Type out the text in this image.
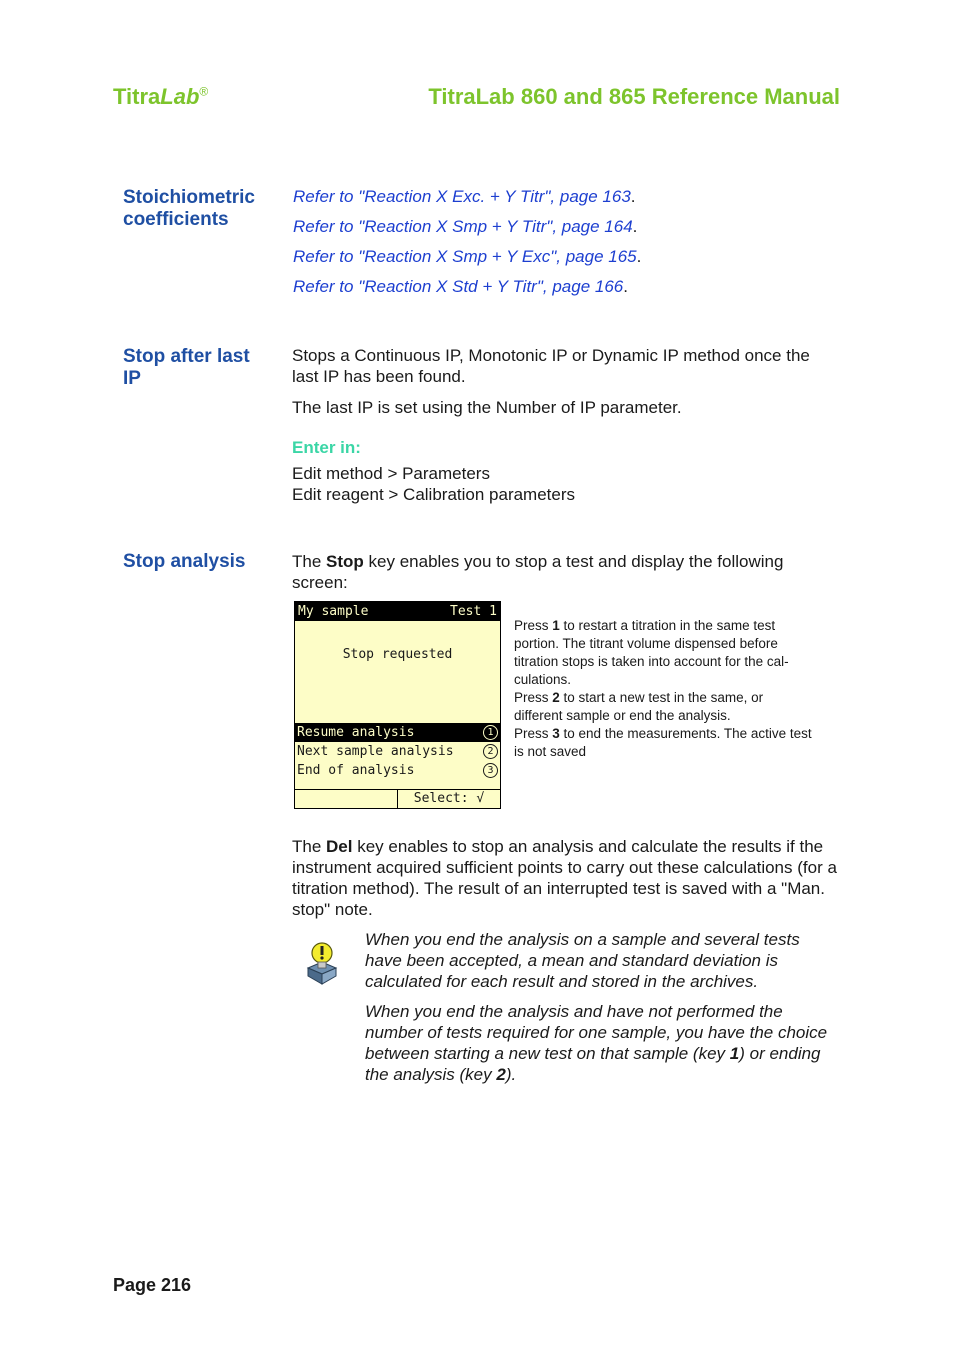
TitraLab®	TitraLab 860 and 865 Reference Manual
Stoichiometric coefficients
Refer to "Reaction X Exc. + Y Titr", page 163.
Refer to "Reaction X Smp + Y Titr", page 164.
Refer to "Reaction X Smp + Y Exc", page 165.
Refer to "Reaction X Std + Y Titr", page 166.
Stop after last IP
Stops a Continuous IP, Monotonic IP or Dynamic IP method once the last IP has been found.
The last IP is set using the Number of IP parameter.
Enter in:
Edit method > Parameters
Edit reagent > Calibration parameters
Stop analysis	The Stop key enables you to stop a test and display the following screen:
My sample	Test 1
Stop requested
Resume analysis	1
Next sample analysis	2
End of analysis	3
Select: √
Press 1 to restart a titration in the same test portion. The titrant volume dispensed before titration stops is taken into account for the cal-culations.
Press 2 to start a new test in the same, or different sample or end the analysis.
Press 3 to end the measurements. The active test is not saved
The Del key enables to stop an analysis and calculate the results if the instrument acquired sufficient points to carry out these calculations (for a titration method). The result of an interrupted test is saved with a "Man. stop" note.
When you end the analysis on a sample and several tests have been accepted, a mean and standard deviation is calculated for each result and stored in the archives.
When you end the analysis and have not performed the number of tests required for one sample, you have the choice between starting a new test on that sample (key 1) or ending the analysis (key 2).
Page 216
